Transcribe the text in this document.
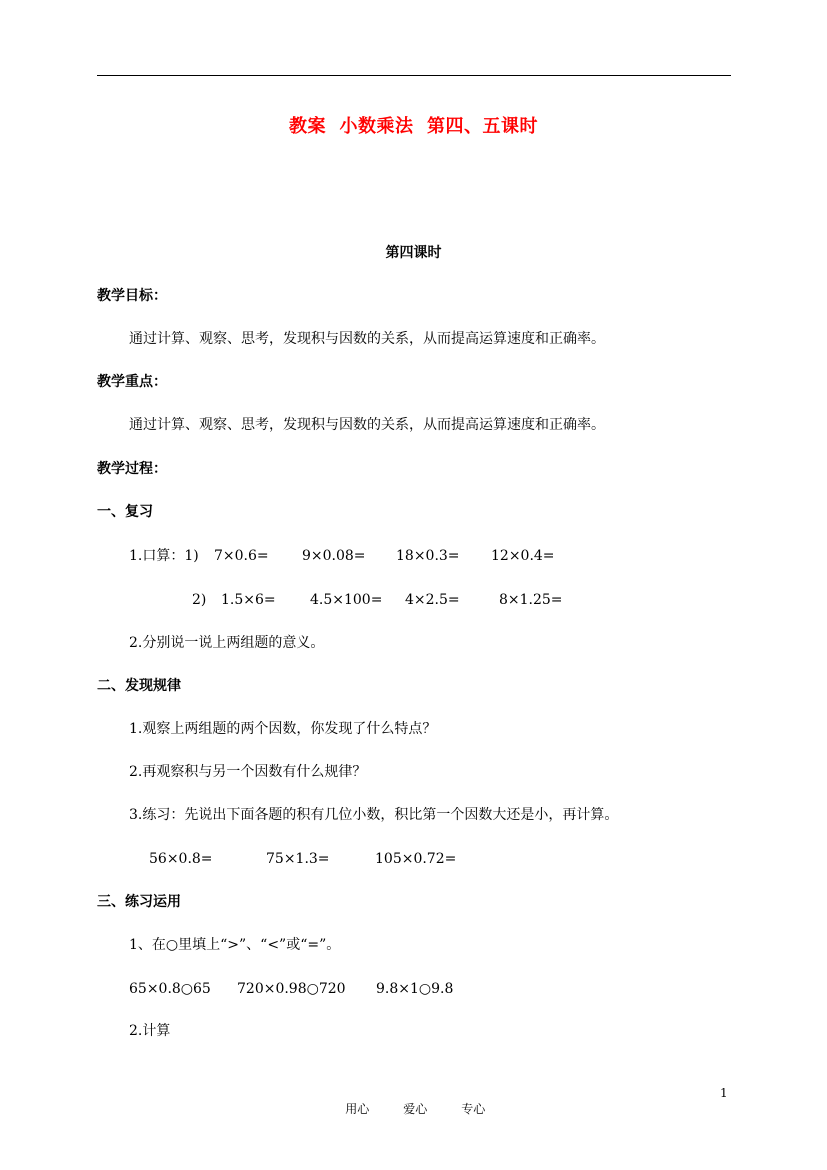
教案  小数乘法  第四、五课时
第四课时
教学目标：
通过计算、观察、思考，发现积与因数的关系，从而提高运算速度和正确率。
教学重点：
通过计算、观察、思考，发现积与因数的关系，从而提高运算速度和正确率。
教学过程：
一、复习
1.口算：1) 7×0.6= 9×0.08= 18×0.3= 12×0.4=
2) 1.5×6= 4.5×100= 4×2.5=	8×1.25=
2.分别说一说上两组题的意义。
二、发现规律
1.观察上两组题的两个因数，你发现了什么特点？
2.再观察积与另一个因数有什么规律？
3.练习：先说出下面各题的积有几位小数，积比第一个因数大还是小，再计算。
56×0.8=	75×1.3=	105×0.72=
三、练习运用
1、在○里填上“>”、“<”或“=”。
65×0.8○65 720×0.98○720 9.8×1○9.8
2.计算

用心	爱心	专心

1
